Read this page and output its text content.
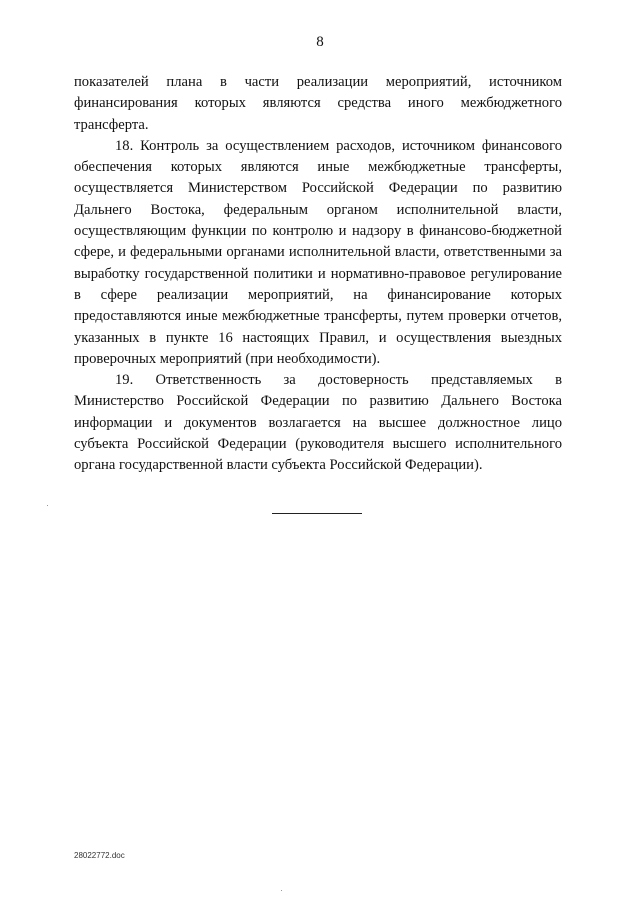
8

показателей плана в части реализации мероприятий, источником финансирования которых являются средства иного межбюджетного трансферта.

18. Контроль за осуществлением расходов, источником финансового обеспечения которых являются иные межбюджетные трансферты, осуществляется Министерством Российской Федерации по развитию Дальнего Востока, федеральным органом исполнительной власти, осуществляющим функции по контролю и надзору в финансово-бюджетной сфере, и федеральными органами исполнительной власти, ответственными за выработку государственной политики и нормативно-правовое регулирование в сфере реализации мероприятий, на финансирование которых предоставляются иные межбюджетные трансферты, путем проверки отчетов, указанных в пункте 16 настоящих Правил, и осуществления выездных проверочных мероприятий (при необходимости).

19. Ответственность за достоверность представляемых в Министерство Российской Федерации по развитию Дальнего Востока информации и документов возлагается на высшее должностное лицо субъекта Российской Федерации (руководителя высшего исполнительного органа государственной власти субъекта Российской Федерации).

28022772.doc
